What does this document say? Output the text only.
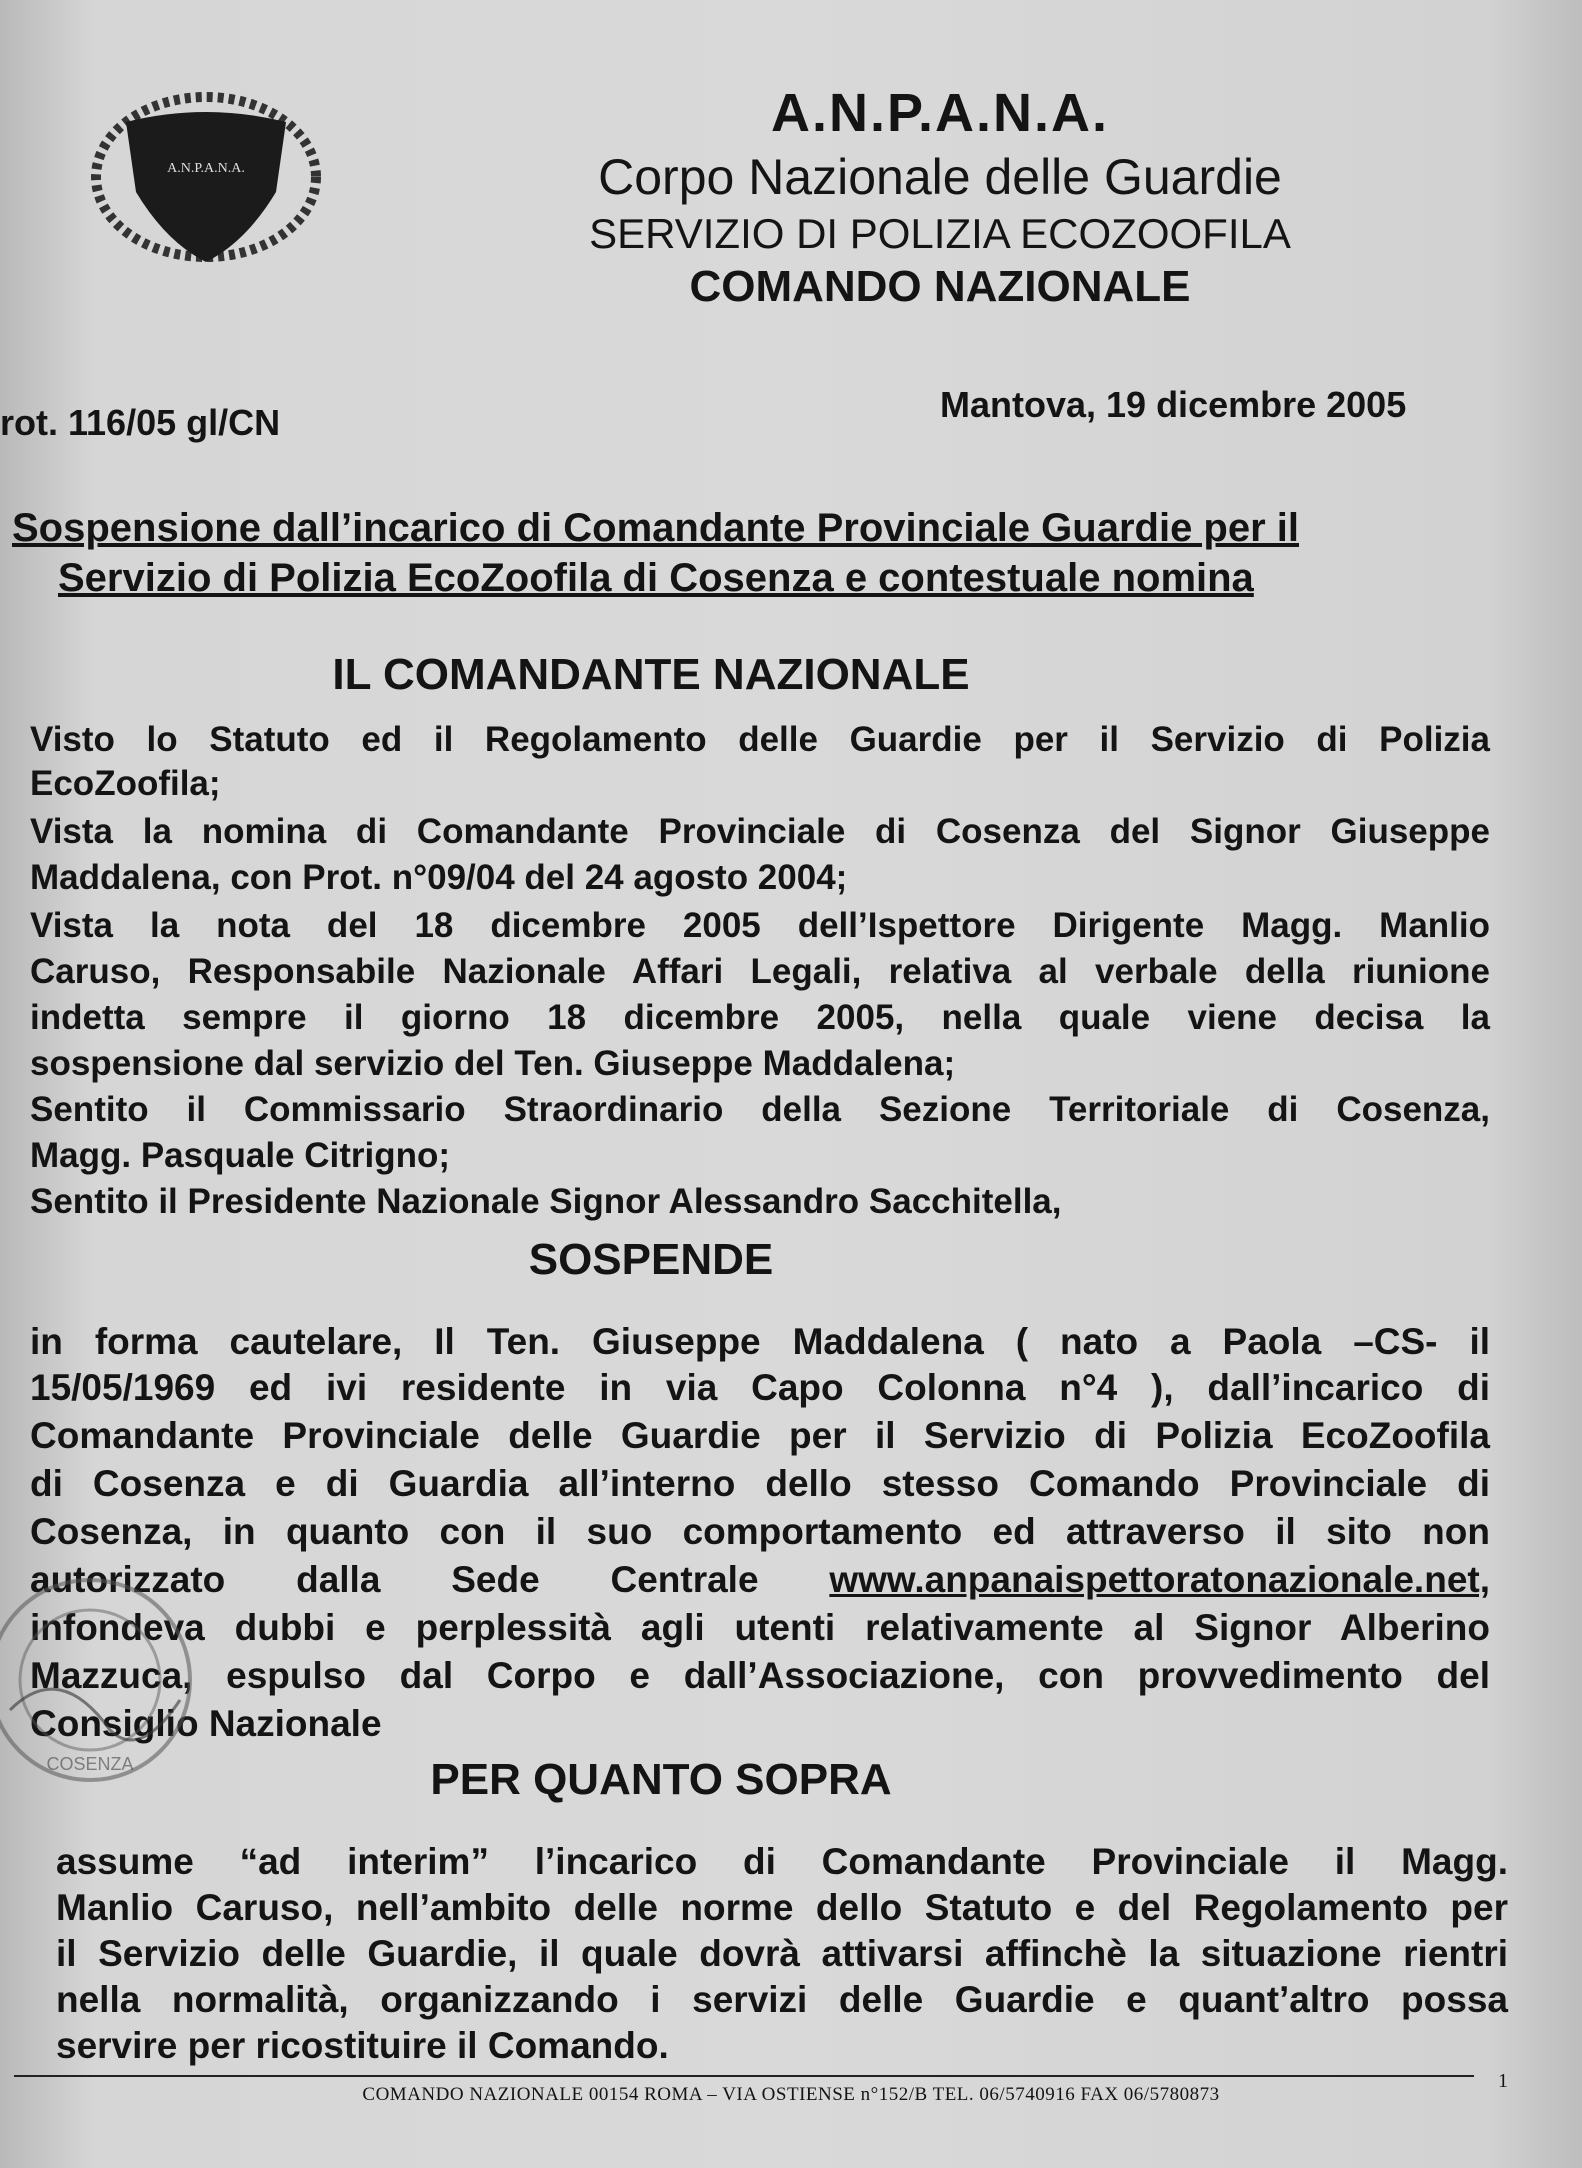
A.N.P.A.N.A.
A.N.P.A.N.A.
Corpo Nazionale delle Guardie
SERVIZIO DI POLIZIA ECOZOOFILA
COMANDO NAZIONALE
rot. 116/05 gl/CN	Mantova, 19 dicembre 2005
Sospensione dall’incarico di Comandante Provinciale Guardie per il
Servizio di Polizia EcoZoofila di Cosenza e contestuale nomina
IL COMANDANTE NAZIONALE
Visto lo Statuto ed il Regolamento delle Guardie per il Servizio di Polizia
EcoZoofila;
Vista la nomina di Comandante Provinciale di Cosenza del Signor Giuseppe
Maddalena, con Prot. n°09/04 del 24 agosto 2004;
Vista la nota del 18 dicembre 2005 dell’Ispettore Dirigente Magg. Manlio
Caruso, Responsabile Nazionale Affari Legali, relativa al verbale della riunione
indetta sempre il giorno 18 dicembre 2005, nella quale viene decisa la
sospensione dal servizio del Ten. Giuseppe Maddalena;
Sentito il Commissario Straordinario della Sezione Territoriale di Cosenza,
Magg. Pasquale Citrigno;
Sentito il Presidente Nazionale Signor Alessandro Sacchitella,
SOSPENDE
in forma cautelare, Il Ten. Giuseppe Maddalena ( nato a Paola –CS- il
15/05/1969 ed ivi residente in via Capo Colonna n°4 ), dall’incarico di
Comandante Provinciale delle Guardie per il Servizio di Polizia EcoZoofila
di Cosenza e di Guardia all’interno dello stesso Comando Provinciale di
Cosenza, in quanto con il suo comportamento ed attraverso il sito non
autorizzato dalla Sede Centrale www.anpanaispettoratonazionale.net,
infondeva dubbi e perplessità agli utenti relativamente al Signor Alberino
Mazzuca, espulso dal Corpo e dall’Associazione, con provvedimento del
Consiglio Nazionale
PER QUANTO SOPRA
assume “ad interim” l’incarico di Comandante Provinciale il Magg.
Manlio Caruso, nell’ambito delle norme dello Statuto e del Regolamento per
il Servizio delle Guardie, il quale dovrà attivarsi affinchè la situazione rientri
nella normalità, organizzando i servizi delle Guardie e quant’altro possa
servire per ricostituire il Comando.
COSENZA
COMANDO NAZIONALE 00154 ROMA – VIA OSTIENSE n°152/B TEL. 06/5740916 FAX 06/5780873
1
